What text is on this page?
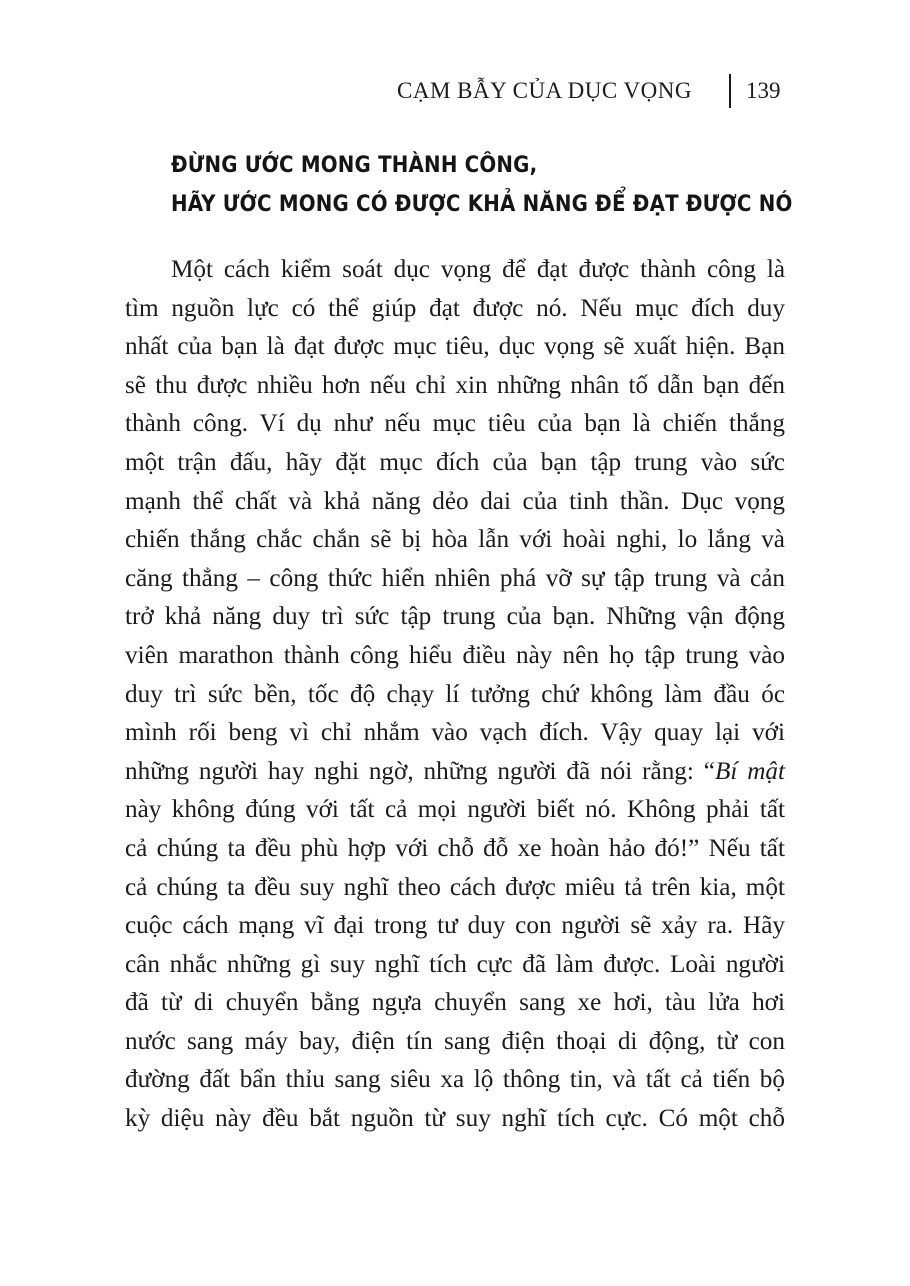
CẠM BẪY CỦA DỤC VỌNG 139
ĐỪNG ƯỚC MONG THÀNH CÔNG,
HÃY ƯỚC MONG CÓ ĐƯỢC KHẢ NĂNG ĐỂ ĐẠT ĐƯỢC NÓ
Một cách kiểm soát dục vọng để đạt được thành công là
tìm nguồn lực có thể giúp đạt được nó. Nếu mục đích duy
nhất của bạn là đạt được mục tiêu, dục vọng sẽ xuất hiện. Bạn
sẽ thu được nhiều hơn nếu chỉ xin những nhân tố dẫn bạn đến
thành công. Ví dụ như nếu mục tiêu của bạn là chiến thắng
một trận đấu, hãy đặt mục đích của bạn tập trung vào sức
mạnh thể chất và khả năng dẻo dai của tinh thần. Dục vọng
chiến thắng chắc chắn sẽ bị hòa lẫn với hoài nghi, lo lắng và
căng thẳng – công thức hiển nhiên phá vỡ sự tập trung và cản
trở khả năng duy trì sức tập trung của bạn. Những vận động
viên marathon thành công hiểu điều này nên họ tập trung vào
duy trì sức bền, tốc độ chạy lí tưởng chứ không làm đầu óc
mình rối beng vì chỉ nhắm vào vạch đích. Vậy quay lại với
những người hay nghi ngờ, những người đã nói rằng: “Bí mật
này không đúng với tất cả mọi người biết nó. Không phải tất
cả chúng ta đều phù hợp với chỗ đỗ xe hoàn hảo đó!” Nếu tất
cả chúng ta đều suy nghĩ theo cách được miêu tả trên kia, một
cuộc cách mạng vĩ đại trong tư duy con người sẽ xảy ra. Hãy
cân nhắc những gì suy nghĩ tích cực đã làm được. Loài người
đã từ di chuyển bằng ngựa chuyển sang xe hơi, tàu lửa hơi
nước sang máy bay, điện tín sang điện thoại di động, từ con
đường đất bẩn thỉu sang siêu xa lộ thông tin, và tất cả tiến bộ
kỳ diệu này đều bắt nguồn từ suy nghĩ tích cực. Có một chỗ
